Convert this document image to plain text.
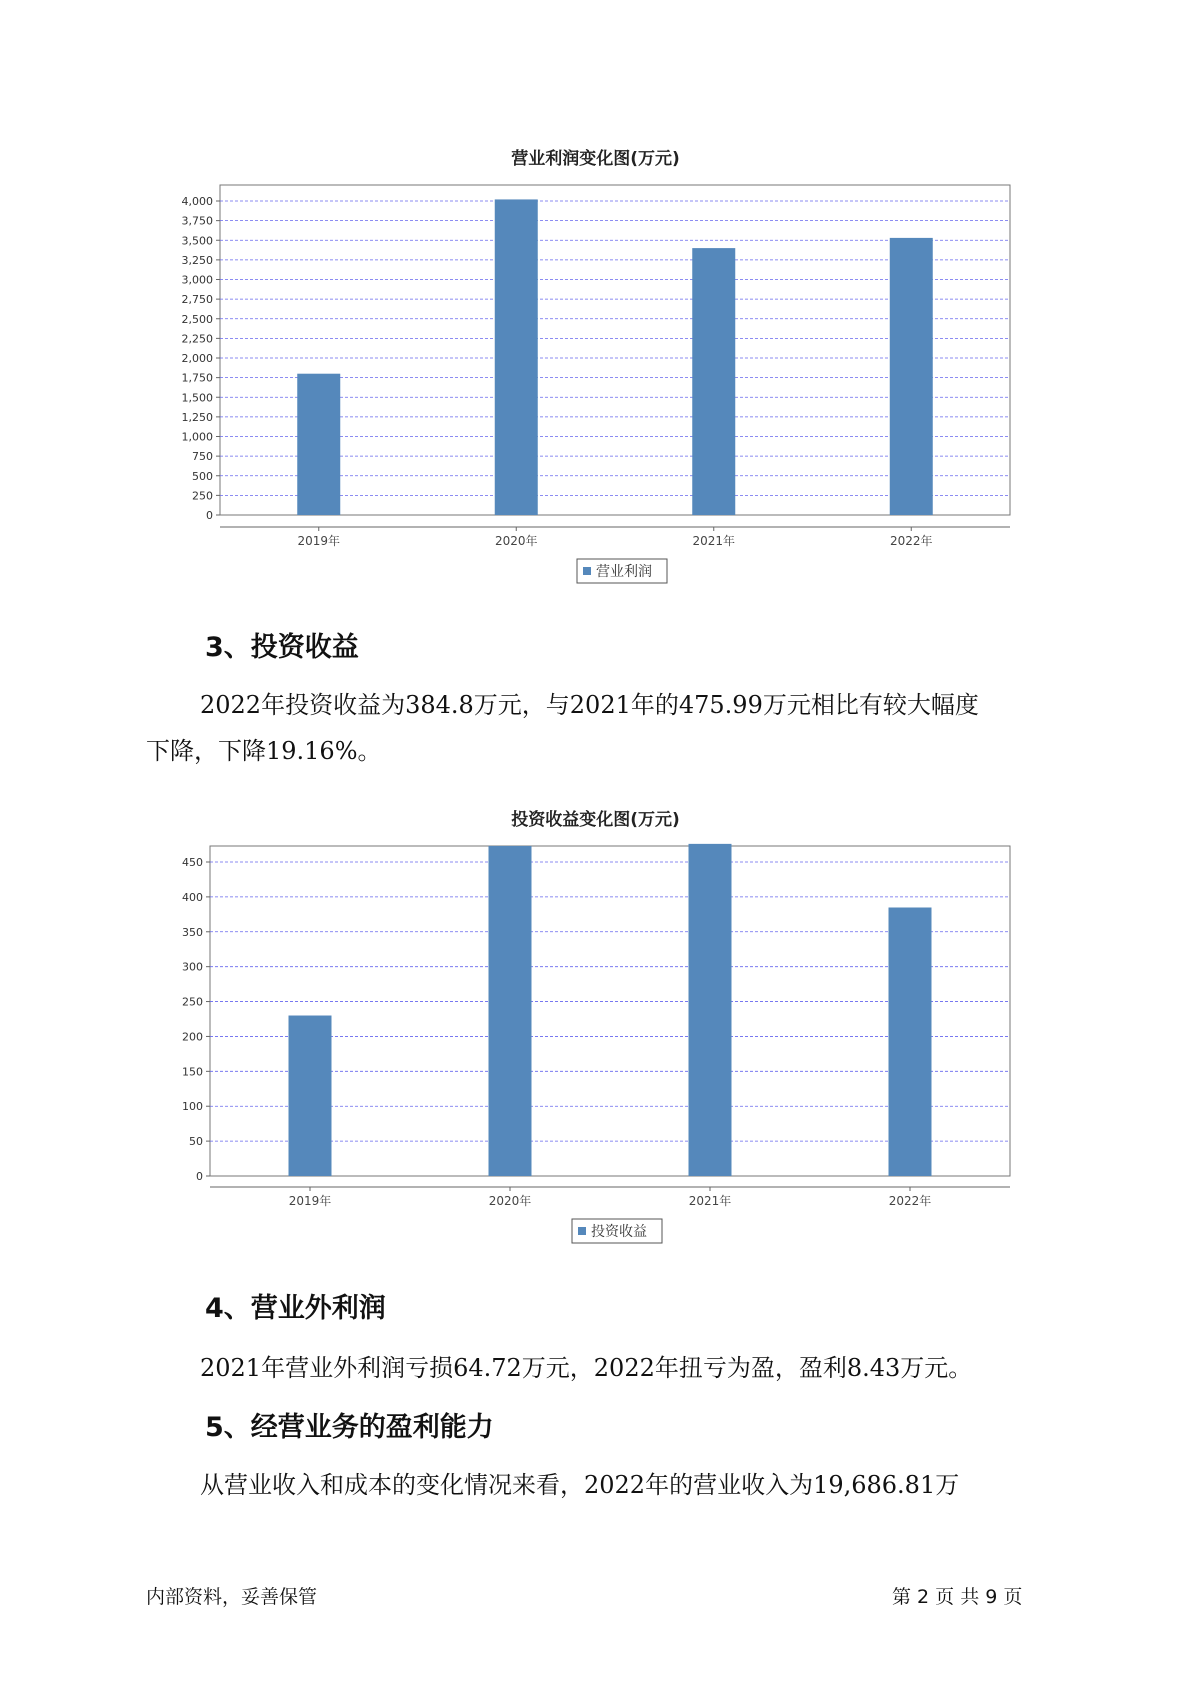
营业利润变化图(万元)
0
250
500
750
1,000
1,250
1,500
1,750
2,000
2,250
2,500
2,750
3,000
3,250
3,500
3,750
4,000
2019年	2020年	2021年	2022年
营业利润
3、投资收益
2022年投资收益为384.8万元，与2021年的475.99万元相比有较大幅度
下降，下降19.16%。
投资收益变化图(万元)
0
50
100
150
200
250
300
350
400
450
2019年	2020年	2021年	2022年
投资收益
4、营业外利润
2021年营业外利润亏损64.72万元，2022年扭亏为盈，盈利8.43万元。
5、经营业务的盈利能力
从营业收入和成本的变化情况来看，2022年的营业收入为19,686.81万
内部资料，妥善保管	第 2 页 共 9 页
